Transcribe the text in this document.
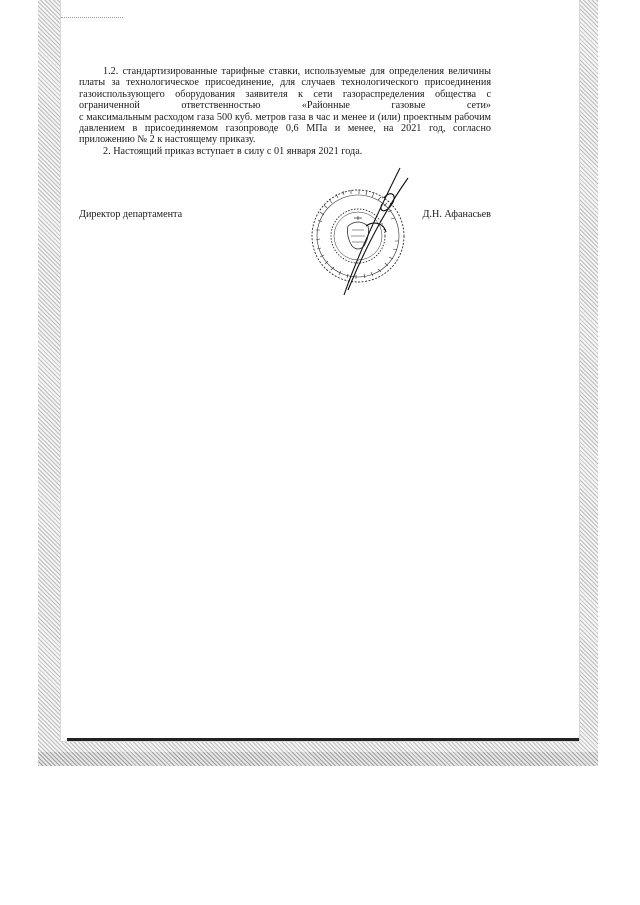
1.2. стандартизированные тарифные ставки, используемые для определения величины платы за технологическое присоединение, для случаев технологического присоединения газоиспользующего оборудования заявителя к сети газораспределения общества с ограниченной ответственностью «Районные газовые сети»

с максимальным расходом газа 500 куб. метров газа в час и менее и (или) проектным рабочим давлением в присоединяемом газопроводе 0,6 МПа и менее, на 2021 год, согласно приложению № 2 к настоящему приказу.

2. Настоящий приказ вступает в силу с 01 января 2021 года.

Директор департамента	Д.Н. Афанасьев
